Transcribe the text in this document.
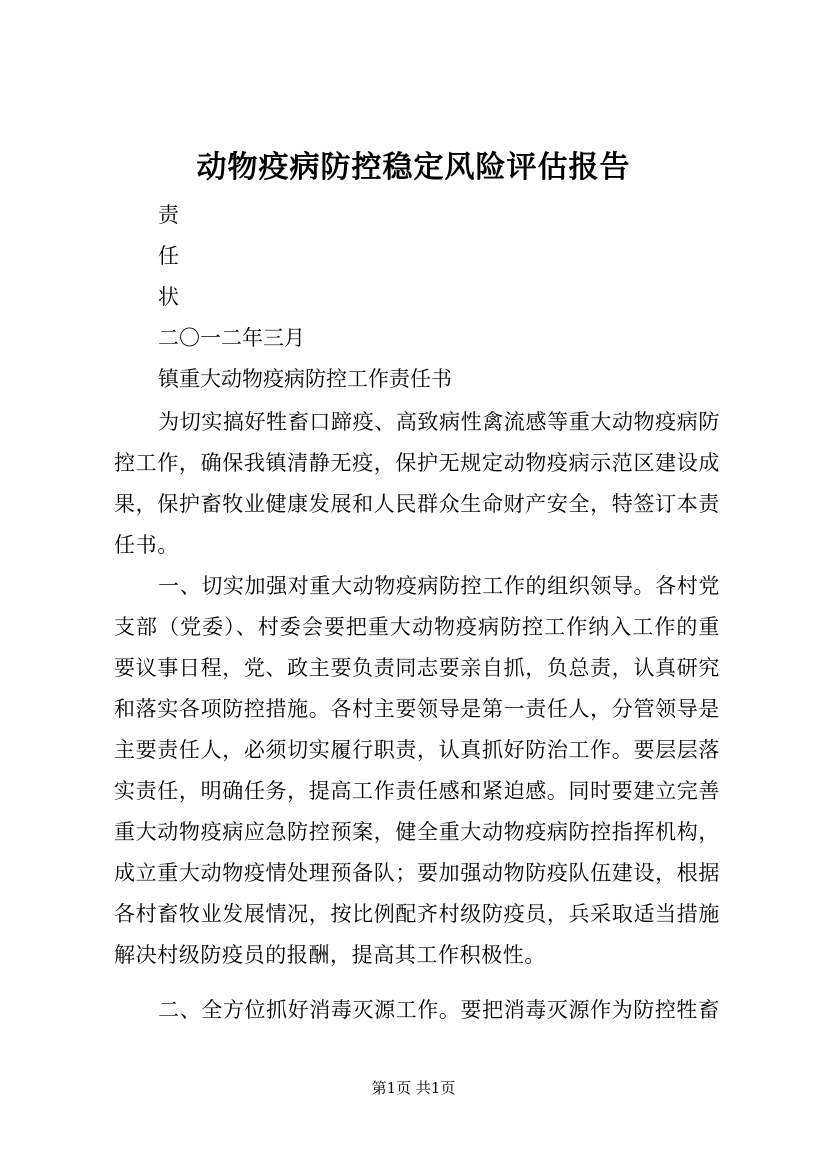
动物疫病防控稳定风险评估报告

责

任

状

二〇一二年三月

镇重大动物疫病防控工作责任书

为切实搞好牲畜口蹄疫、高致病性禽流感等重大动物疫病防控工作，确保我镇清静无疫，保护无规定动物疫病示范区建设成果，保护畜牧业健康发展和人民群众生命财产安全，特签订本责任书。

一、切实加强对重大动物疫病防控工作的组织领导。各村党支部（党委）、村委会要把重大动物疫病防控工作纳入工作的重要议事日程，党、政主要负责同志要亲自抓，负总责，认真研究和落实各项防控措施。各村主要领导是第一责任人，分管领导是主要责任人，必须切实履行职责，认真抓好防治工作。要层层落实责任，明确任务，提高工作责任感和紧迫感。同时要建立完善重大动物疫病应急防控预案，健全重大动物疫病防控指挥机构，成立重大动物疫情处理预备队；要加强动物防疫队伍建设，根据各村畜牧业发展情况，按比例配齐村级防疫员，兵采取适当措施解决村级防疫员的报酬，提高其工作积极性。

二、全方位抓好消毒灭源工作。要把消毒灭源作为防控牲畜

第1页 共1页
